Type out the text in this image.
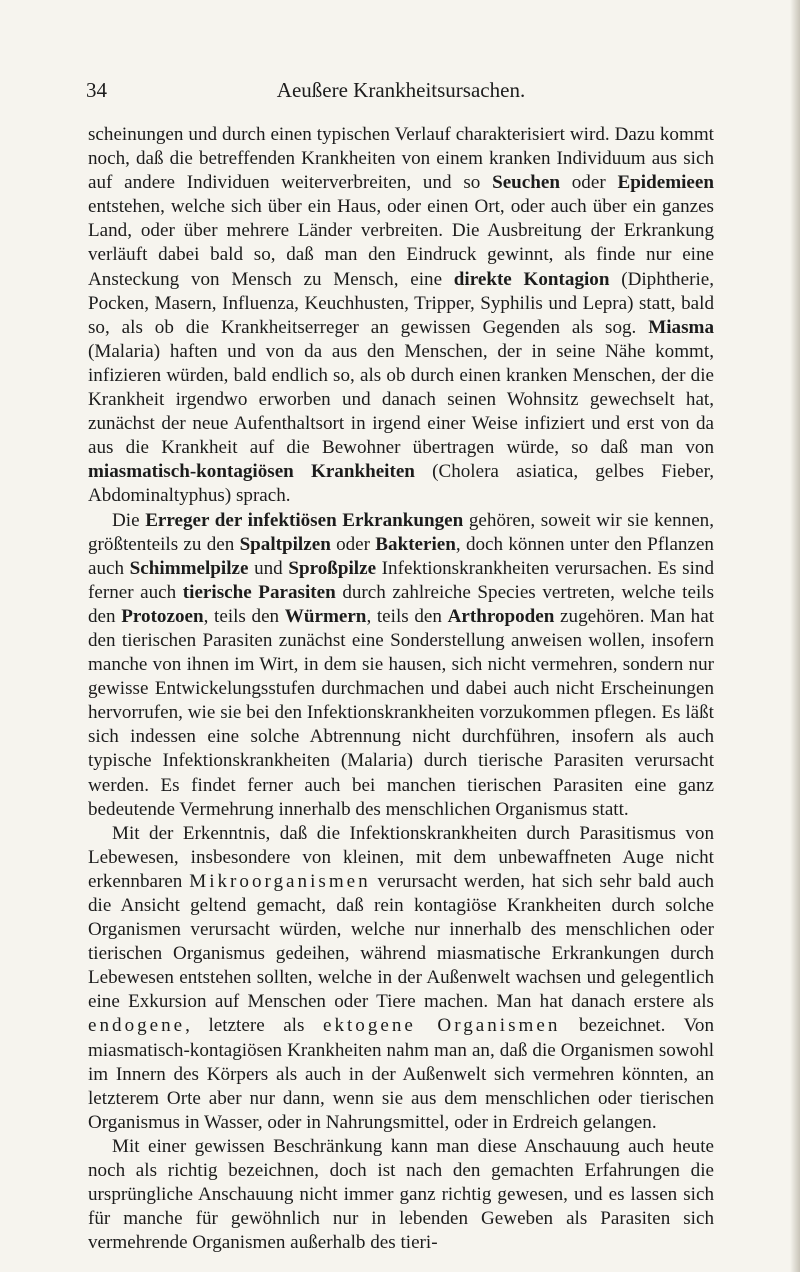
34	Aeußere Krankheitsursachen.

scheinungen und durch einen typischen Verlauf charakterisiert wird. Dazu kommt noch, daß die betreffenden Krankheiten von einem kranken Individuum aus sich auf andere Individuen weiterverbreiten, und so Seuchen oder Epidemieen entstehen, welche sich über ein Haus, oder einen Ort, oder auch über ein ganzes Land, oder über mehrere Länder verbreiten. Die Ausbreitung der Erkrankung verläuft dabei bald so, daß man den Eindruck gewinnt, als finde nur eine Ansteckung von Mensch zu Mensch, eine direkte Kontagion (Diphtherie, Pocken, Masern, Influenza, Keuchhusten, Tripper, Syphilis und Lepra) statt, bald so, als ob die Krankheitserreger an gewissen Gegenden als sog. Miasma (Malaria) haften und von da aus den Menschen, der in seine Nähe kommt, infizieren würden, bald endlich so, als ob durch einen kranken Menschen, der die Krankheit irgendwo erworben und danach seinen Wohnsitz gewechselt hat, zunächst der neue Aufenthaltsort in irgend einer Weise infiziert und erst von da aus die Krankheit auf die Bewohner übertragen würde, so daß man von miasmatisch-kontagiösen Krankheiten (Cholera asiatica, gelbes Fieber, Abdominaltyphus) sprach.

Die Erreger der infektiösen Erkrankungen gehören, soweit wir sie kennen, größtenteils zu den Spaltpilzen oder Bakterien, doch können unter den Pflanzen auch Schimmelpilze und Sproßpilze Infektionskrankheiten verursachen. Es sind ferner auch tierische Parasiten durch zahlreiche Species vertreten, welche teils den Protozoen, teils den Würmern, teils den Arthropoden zugehören. Man hat den tierischen Parasiten zunächst eine Sonderstellung anweisen wollen, insofern manche von ihnen im Wirt, in dem sie hausen, sich nicht vermehren, sondern nur gewisse Entwickelungsstufen durchmachen und dabei auch nicht Erscheinungen hervorrufen, wie sie bei den Infektionskrankheiten vorzukommen pflegen. Es läßt sich indessen eine solche Abtrennung nicht durchführen, insofern als auch typische Infektionskrankheiten (Malaria) durch tierische Parasiten verursacht werden. Es findet ferner auch bei manchen tierischen Parasiten eine ganz bedeutende Vermehrung innerhalb des menschlichen Organismus statt.

Mit der Erkenntnis, daß die Infektionskrankheiten durch Parasitismus von Lebewesen, insbesondere von kleinen, mit dem unbewaffneten Auge nicht erkennbaren Mikroorganismen verursacht werden, hat sich sehr bald auch die Ansicht geltend gemacht, daß rein kontagiöse Krankheiten durch solche Organismen verursacht würden, welche nur innerhalb des menschlichen oder tierischen Organismus gedeihen, während miasmatische Erkrankungen durch Lebewesen entstehen sollten, welche in der Außenwelt wachsen und gelegentlich eine Exkursion auf Menschen oder Tiere machen. Man hat danach erstere als endogene, letztere als ektogene Organismen bezeichnet. Von miasmatisch-kontagiösen Krankheiten nahm man an, daß die Organismen sowohl im Innern des Körpers als auch in der Außenwelt sich vermehren könnten, an letzterem Orte aber nur dann, wenn sie aus dem menschlichen oder tierischen Organismus in Wasser, oder in Nahrungsmittel, oder in Erdreich gelangen.

Mit einer gewissen Beschränkung kann man diese Anschauung auch heute noch als richtig bezeichnen, doch ist nach den gemachten Erfahrungen die ursprüngliche Anschauung nicht immer ganz richtig gewesen, und es lassen sich für manche für gewöhnlich nur in lebenden Geweben als Parasiten sich vermehrende Organismen außerhalb des tieri-
